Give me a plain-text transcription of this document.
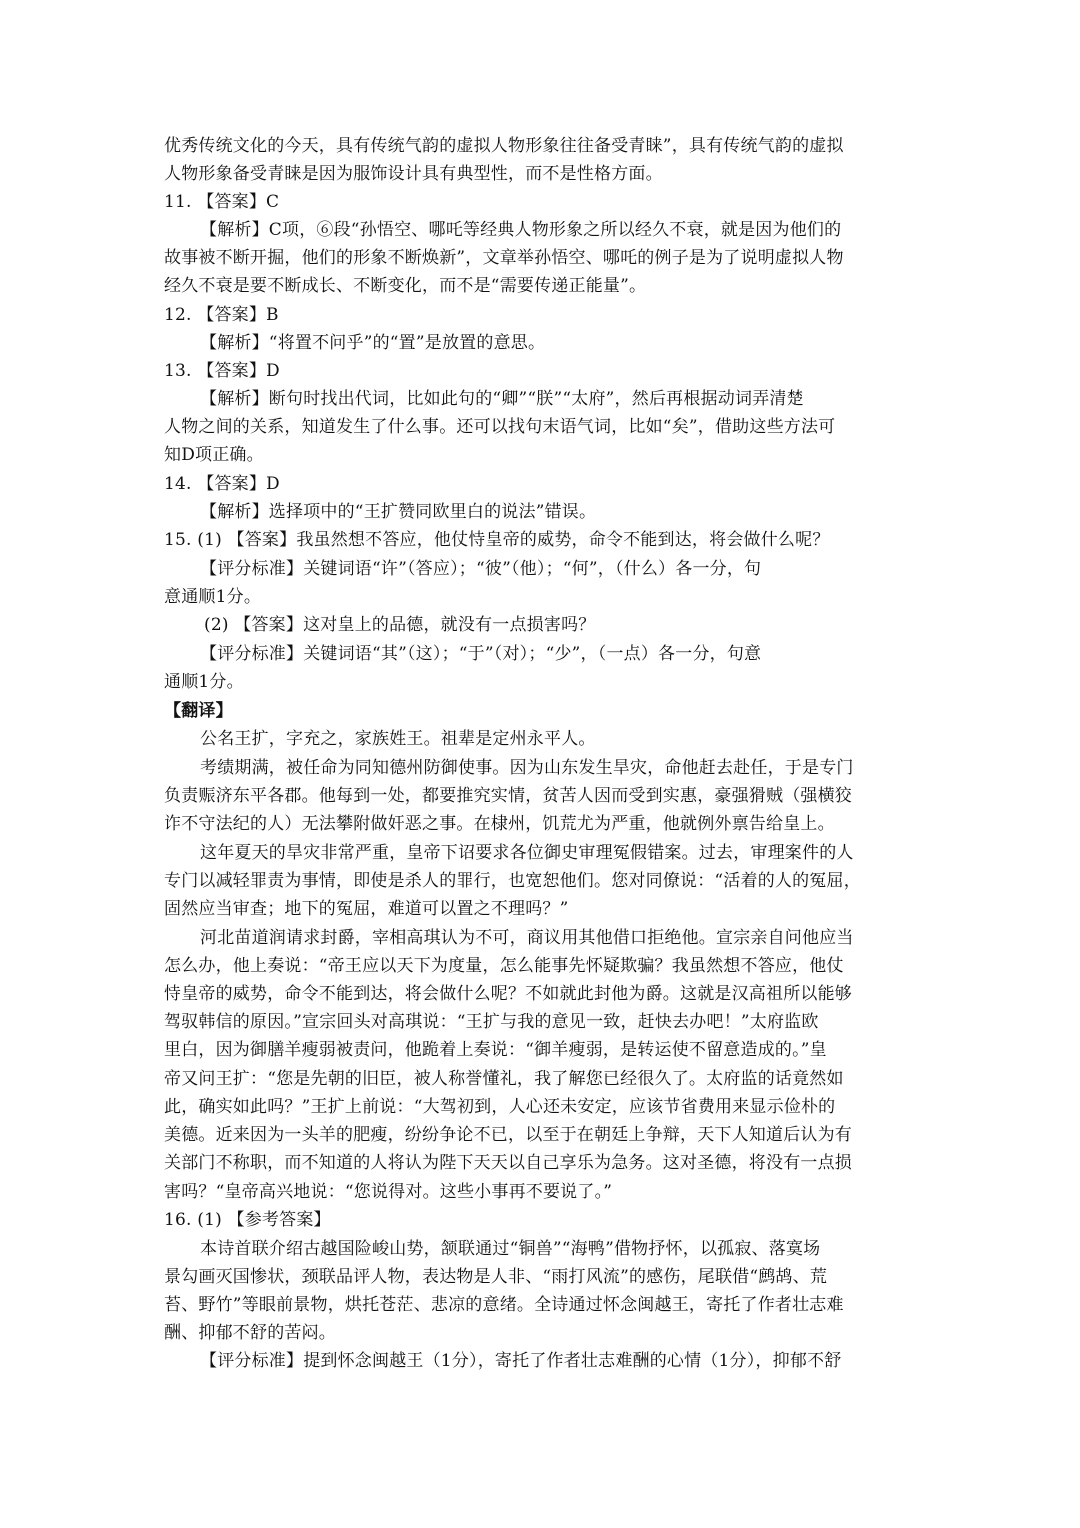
优秀传统文化的今天，具有传统气韵的虚拟人物形象往往备受青睐”，具有传统气韵的虚拟
人物形象备受青睐是因为服饰设计具有典型性，而不是性格方面。
11. 【答案】C
【解析】C项，⑥段“孙悟空、哪吒等经典人物形象之所以经久不衰，就是因为他们的
故事被不断开掘，他们的形象不断焕新”，文章举孙悟空、哪吒的例子是为了说明虚拟人物
经久不衰是要不断成长、不断变化，而不是“需要传递正能量”。
12. 【答案】B
【解析】“将置不问乎”的“置”是放置的意思。
13. 【答案】D
【解析】断句时找出代词，比如此句的“卿”“朕”“太府”，然后再根据动词弄清楚
人物之间的关系，知道发生了什么事。还可以找句末语气词，比如“矣”，借助这些方法可
知D项正确。
14. 【答案】D
【解析】选择项中的“王扩赞同欧里白的说法”错误。
15. (1) 【答案】我虽然想不答应，他仗恃皇帝的威势，命令不能到达，将会做什么呢？
【评分标准】关键词语“许”（答应）；“彼”（他）；“何”，（什么）各一分，句
意通顺1分。
(2) 【答案】这对皇上的品德，就没有一点损害吗？
【评分标准】关键词语“其”（这）；“于”（对）；“少”，（一点）各一分，句意
通顺1分。
【翻译】
公名王扩，字充之，家族姓王。祖辈是定州永平人。
考绩期满，被任命为同知德州防御使事。因为山东发生旱灾，命他赶去赴任，于是专门
负责赈济东平各郡。他每到一处，都要推究实情，贫苦人因而受到实惠，豪强猾贼（强横狡
诈不守法纪的人）无法攀附做奸恶之事。在棣州，饥荒尤为严重，他就例外禀告给皇上。
这年夏天的旱灾非常严重，皇帝下诏要求各位御史审理冤假错案。过去，审理案件的人
专门以减轻罪责为事情，即使是杀人的罪行，也宽恕他们。您对同僚说：“活着的人的冤屈，
固然应当审查；地下的冤屈，难道可以置之不理吗？”
河北苗道润请求封爵，宰相高琪认为不可，商议用其他借口拒绝他。宣宗亲自问他应当
怎么办，他上奏说：“帝王应以天下为度量，怎么能事先怀疑欺骗？我虽然想不答应，他仗
恃皇帝的威势，命令不能到达，将会做什么呢？不如就此封他为爵。这就是汉高祖所以能够
驾驭韩信的原因。”宣宗回头对高琪说：“王扩与我的意见一致，赶快去办吧！”太府监欧
里白，因为御膳羊瘦弱被责问，他跪着上奏说：“御羊瘦弱，是转运使不留意造成的。”皇
帝又问王扩：“您是先朝的旧臣，被人称誉懂礼，我了解您已经很久了。太府监的话竟然如
此，确实如此吗？”王扩上前说：“大驾初到，人心还未安定，应该节省费用来显示俭朴的
美德。近来因为一头羊的肥瘦，纷纷争论不已，以至于在朝廷上争辩，天下人知道后认为有
关部门不称职，而不知道的人将认为陛下天天以自己享乐为急务。这对圣德，将没有一点损
害吗？“皇帝高兴地说：“您说得对。这些小事再不要说了。”
16. (1) 【参考答案】
本诗首联介绍古越国险峻山势，颔联通过“铜兽”“海鸭”借物抒怀，以孤寂、落寞场
景勾画灭国惨状，颈联品评人物，表达物是人非、“雨打风流”的感伤，尾联借“鹧鸪、荒
苔、野竹”等眼前景物，烘托苍茫、悲凉的意绪。全诗通过怀念闽越王，寄托了作者壮志难
酬、抑郁不舒的苦闷。
【评分标准】提到怀念闽越王（1分），寄托了作者壮志难酬的心情（1分），抑郁不舒
